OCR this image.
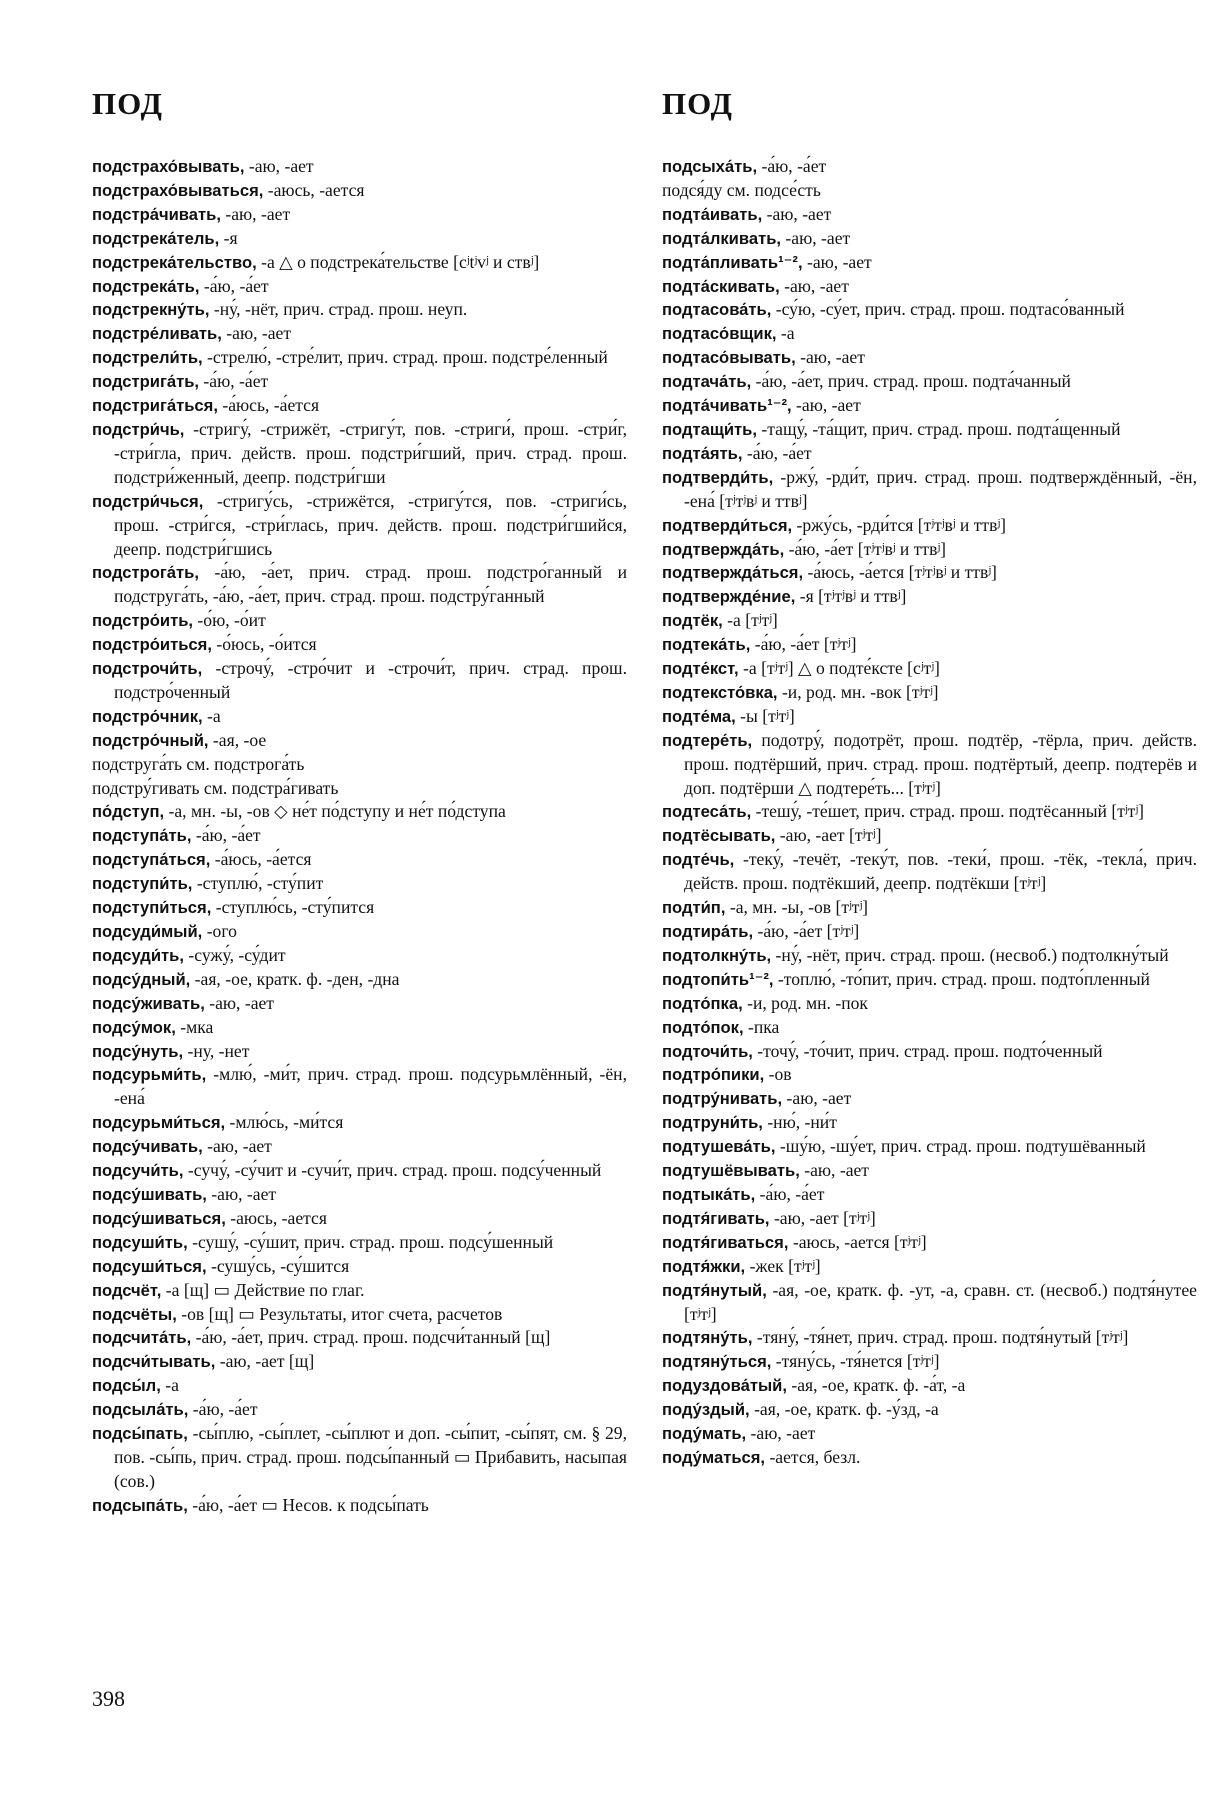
ПОД	ПОД

подстрахо́вывать, -аю, -ает

подстрахо́вываться, -аюсь, -ается

подстра́чивать, -аю, -ает

подстрека́тель, -я

подстрека́тельство, -а △ о подстрека́тельстве [cʲtʲvʲ и ствʲ]

подстрека́ть, -а́ю, -а́ет

подстрекну́ть, -ну́, -нёт, прич. страд. прош. неуп.

подстре́ливать, -аю, -ает

подстрели́ть, -стрелю́, -стре́лит, прич. страд. прош. подстре́ленный

подстрига́ть, -а́ю, -а́ет

подстрига́ться, -а́юсь, -а́ется

подстри́чь, -стригу́, -стрижёт, -стригу́т, пов. -стриги́, прош. -стри́г, -стри́гла, прич. действ. прош. подстри́гший, прич. страд. прош. подстри́женный, деепр. подстри́гши

подстри́чься, -стригу́сь, -стрижётся, -стригу́тся, пов. -стриги́сь, прош. -стри́гся, -стри́глась, прич. действ. прош. подстри́гшийся, деепр. подстри́гшись

подстрога́ть, -а́ю, -а́ет, прич. страд. прош. подстро́ганный и подструга́ть, -а́ю, -а́ет, прич. страд. прош. подстру́ганный

подстро́ить, -о́ю, -о́ит

подстро́иться, -о́юсь, -о́ится

подстрочи́ть, -строчу́, -стро́чит и -строчи́т, прич. страд. прош. подстро́ченный

подстро́чник, -а

подстро́чный, -ая, -ое

подструга́ть см. подстрога́ть

подстру́гивать см. подстра́гивать

по́дступ, -а, мн. -ы, -ов ◇ не́т по́дступу и не́т по́дступа

подступа́ть, -а́ю, -а́ет

подступа́ться, -а́юсь, -а́ется

подступи́ть, -ступлю́, -сту́пит

подступи́ться, -ступлю́сь, -сту́пится

подсуди́мый, -ого

подсуди́ть, -сужу́, -су́дит

подсу́дный, -ая, -ое, кратк. ф. -ден, -дна

подсу́живать, -аю, -ает

подсу́мок, -мка

подсу́нуть, -ну, -нет

подсурьми́ть, -млю́, -ми́т, прич. страд. прош. подсурьмлённый, -ён, -ена́

подсурьми́ться, -млю́сь, -ми́тся

подсу́чивать, -аю, -ает

подсучи́ть, -сучу́, -су́чит и -сучи́т, прич. страд. прош. подсу́ченный

подсу́шивать, -аю, -ает

подсу́шиваться, -аюсь, -ается

подсуши́ть, -сушу́, -су́шит, прич. страд. прош. подсу́шенный

подсуши́ться, -сушу́сь, -су́шится

подсчёт, -а [щ] ▭ Действие по глаг.

подсчёты, -ов [щ] ▭ Результаты, итог счета, расчетов

подсчита́ть, -а́ю, -а́ет, прич. страд. прош. подсчи́танный [щ]

подсчи́тывать, -аю, -ает [щ]

подсы́л, -а

подсыла́ть, -а́ю, -а́ет

подсы́пать, -сы́плю, -сы́плет, -сы́плют и доп. -сы́пит, -сы́пят, см. § 29, пов. -сы́пь, прич. страд. прош. подсы́панный ▭ Прибавить, насыпая (сов.)

подсыпа́ть, -а́ю, -а́ет ▭ Несов. к подсы́пать

подсыха́ть, -а́ю, -а́ет

подся́ду см. подсе́сть

подта́ивать, -аю, -ает

подта́лкивать, -аю, -ает

подта́пливать¹⁻², -аю, -ает

подта́скивать, -аю, -ает

подтасова́ть, -су́ю, -су́ет, прич. страд. прош. подтасо́ванный

подтасо́вщик, -а

подтасо́вывать, -аю, -ает

подтача́ть, -а́ю, -а́ет, прич. страд. прош. подта́чанный

подта́чивать¹⁻², -аю, -ает

подтащи́ть, -тащу́, -та́щит, прич. страд. прош. подта́щенный

подта́ять, -а́ю, -а́ет

подтверди́ть, -ржу́, -рди́т, прич. страд. прош. подтверждённый, -ён, -ена́ [тʲтʲвʲ и ттвʲ]

подтверди́ться, -ржу́сь, -рди́тся [тʲтʲвʲ и ттвʲ]

подтвержда́ть, -а́ю, -а́ет [тʲтʲвʲ и ттвʲ]

подтвержда́ться, -а́юсь, -а́ется [тʲтʲвʲ и ттвʲ]

подтвержде́ние, -я [тʲтʲвʲ и ттвʲ]

подтёк, -а [тʲтʲ]

подтека́ть, -а́ю, -а́ет [тʲтʲ]

подте́кст, -а [тʲтʲ] △ о подте́ксте [сʲтʲ]

подтексто́вка, -и, род. мн. -вок [тʲтʲ]

подте́ма, -ы [тʲтʲ]

подтере́ть, подотру́, подотрёт, прош. подтёр, -тёрла, прич. действ. прош. подтёрший, прич. страд. прош. подтёртый, деепр. подтерёв и доп. подтёрши △ подтере́ть... [тʲтʲ]

подтеса́ть, -тешу́, -те́шет, прич. страд. прош. подтёсанный [тʲтʲ]

подтёсывать, -аю, -ает [тʲтʲ]

подте́чь, -теку́, -течёт, -теку́т, пов. -теки́, прош. -тёк, -текла́, прич. действ. прош. подтёкший, деепр. подтёкши [тʲтʲ]

подти́п, -а, мн. -ы, -ов [тʲтʲ]

подтира́ть, -а́ю, -а́ет [тʲтʲ]

подтолкну́ть, -ну́, -нёт, прич. страд. прош. (несвоб.) подтолкну́тый

подтопи́ть¹⁻², -топлю́, -то́пит, прич. страд. прош. подто́пленный

подто́пка, -и, род. мн. -пок

подто́пок, -пка

подточи́ть, -точу́, -то́чит, прич. страд. прош. подто́ченный

подтро́пики, -ов

подтру́нивать, -аю, -ает

подтруни́ть, -ню́, -ни́т

подтушева́ть, -шу́ю, -шу́ет, прич. страд. прош. подтушёванный

подтушёвывать, -аю, -ает

подтыка́ть, -а́ю, -а́ет

подтя́гивать, -аю, -ает [тʲтʲ]

подтя́гиваться, -аюсь, -ается [тʲтʲ]

подтя́жки, -жек [тʲтʲ]

подтя́нутый, -ая, -ое, кратк. ф. -ут, -а, сравн. ст. (несвоб.) подтя́нутее [тʲтʲ]

подтяну́ть, -тяну́, -тя́нет, прич. страд. прош. подтя́нутый [тʲтʲ]

подтяну́ться, -тяну́сь, -тя́нется [тʲтʲ]

подуздова́тый, -ая, -ое, кратк. ф. -а́т, -а

поду́здый, -ая, -ое, кратк. ф. -у́зд, -а

поду́мать, -аю, -ает

поду́маться, -ается, безл.

398
